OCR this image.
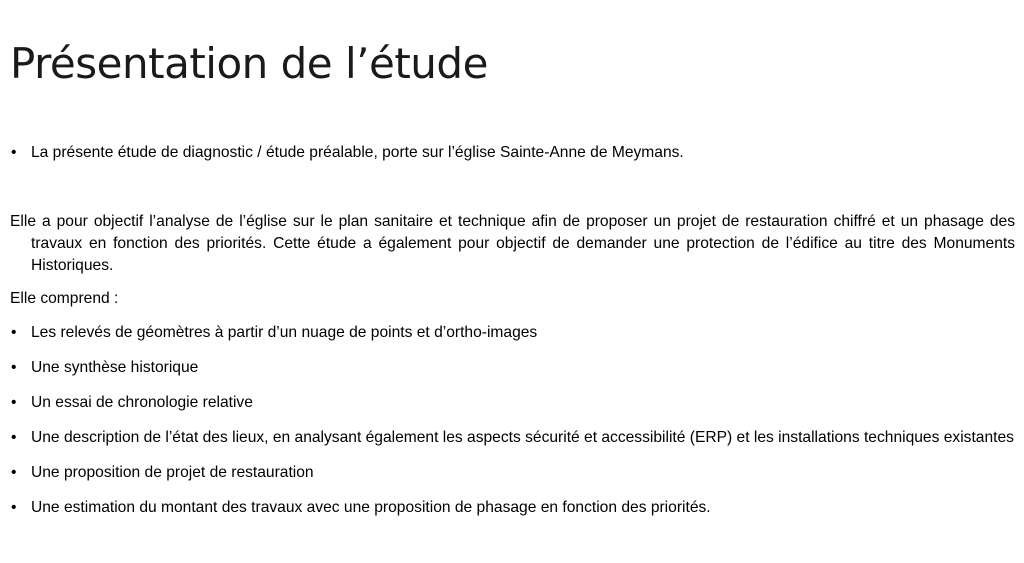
Présentation de l’étude
• La présente étude de diagnostic / étude préalable, porte sur l’église Sainte-Anne de Meymans.

Elle a pour objectif l’analyse de l’église sur le plan sanitaire et technique afin de proposer un projet de restauration chiffré et un phasage des travaux en fonction des priorités. Cette étude a également pour objectif de demander une protection de l’édifice au titre des Monuments Historiques.

Elle comprend :
• Les relevés de géomètres à partir d’un nuage de points et d’ortho-images
• Une synthèse historique
• Un essai de chronologie relative
• Une description de l’état des lieux, en analysant également les aspects sécurité et accessibilité (ERP) et les installations techniques existantes
• Une proposition de projet de restauration
• Une estimation du montant des travaux avec une proposition de phasage en fonction des priorités.
